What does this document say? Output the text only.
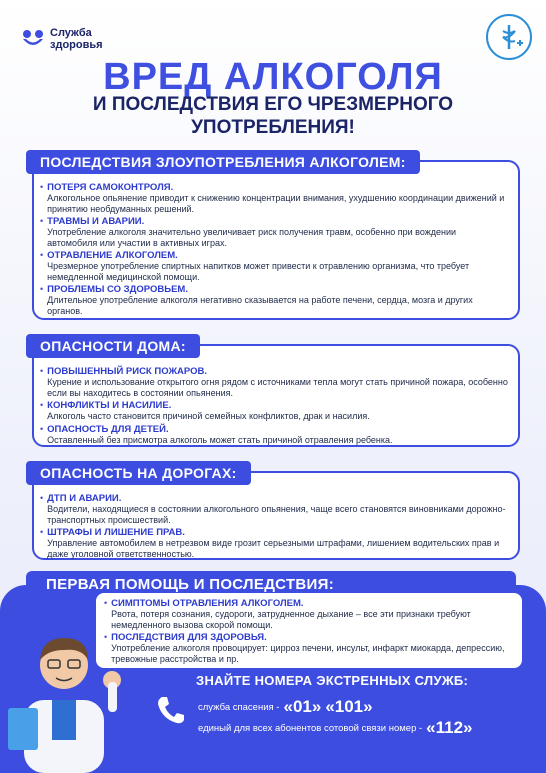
Служба
здоровья
ВРЕД АЛКОГОЛЯ
И ПОСЛЕДСТВИЯ ЕГО ЧРЕЗМЕРНОГО УПОТРЕБЛЕНИЯ!
• ПОТЕРЯ САМОКОНТРОЛЯ.
Алкогольное опьянение приводит к снижению концентрации внимания, ухудшению координации движений и принятию необдуманных решений.
• ТРАВМЫ И АВАРИИ.
Употребление алкоголя значительно увеличивает риск получения травм, особенно при вождении автомобиля или участии в активных играх.
• ОТРАВЛЕНИЕ АЛКОГОЛЕМ.
Чрезмерное употребление спиртных напитков может привести к отравлению организма, что требует немедленной медицинской помощи.
• ПРОБЛЕМЫ СО ЗДОРОВЬЕМ.
Длительное употребление алкоголя негативно сказывается на работе печени, сердца, мозга и других органов.
ПОСЛЕДСТВИЯ ЗЛОУПОТРЕБЛЕНИЯ АЛКОГОЛЕМ:
• ПОВЫШЕННЫЙ РИСК ПОЖАРОВ.
Курение и использование открытого огня рядом с источниками тепла могут стать причиной пожара, особенно если вы находитесь в состоянии опьянения.
• КОНФЛИКТЫ И НАСИЛИЕ.
Алкоголь часто становится причиной семейных конфликтов, драк и насилия.
• ОПАСНОСТЬ ДЛЯ ДЕТЕЙ.
Оставленный без присмотра алкоголь может стать причиной отравления ребенка.
ОПАСНОСТИ ДОМА:
• ДТП И АВАРИИ.
Водители, находящиеся в состоянии алкогольного опьянения, чаще всего становятся виновниками дорожно-транспортных происшествий.
• ШТРАФЫ И ЛИШЕНИЕ ПРАВ.
Управление автомобилем в нетрезвом виде грозит серьезными штрафами, лишением водительских прав и даже уголовной ответственностью.
ОПАСНОСТЬ НА ДОРОГАХ:
ПЕРВАЯ ПОМОЩЬ И ПОСЛЕДСТВИЯ:
• СИМПТОМЫ ОТРАВЛЕНИЯ АЛКОГОЛЕМ.
Рвота, потеря сознания, судороги, затрудненное дыхание – все эти признаки требуют немедленного вызова скорой помощи.
• ПОСЛЕДСТВИЯ ДЛЯ ЗДОРОВЬЯ.
Употребление алкоголя провоцирует: цирроз печени, инсульт, инфаркт миокарда, депрессию, тревожные расстройства и пр.
ЗНАЙТЕ НОМЕРА ЭКСТРЕННЫХ СЛУЖБ:
служба спасения - «01» «101»
единый для всех абонентов сотовой связи номер - «112»
